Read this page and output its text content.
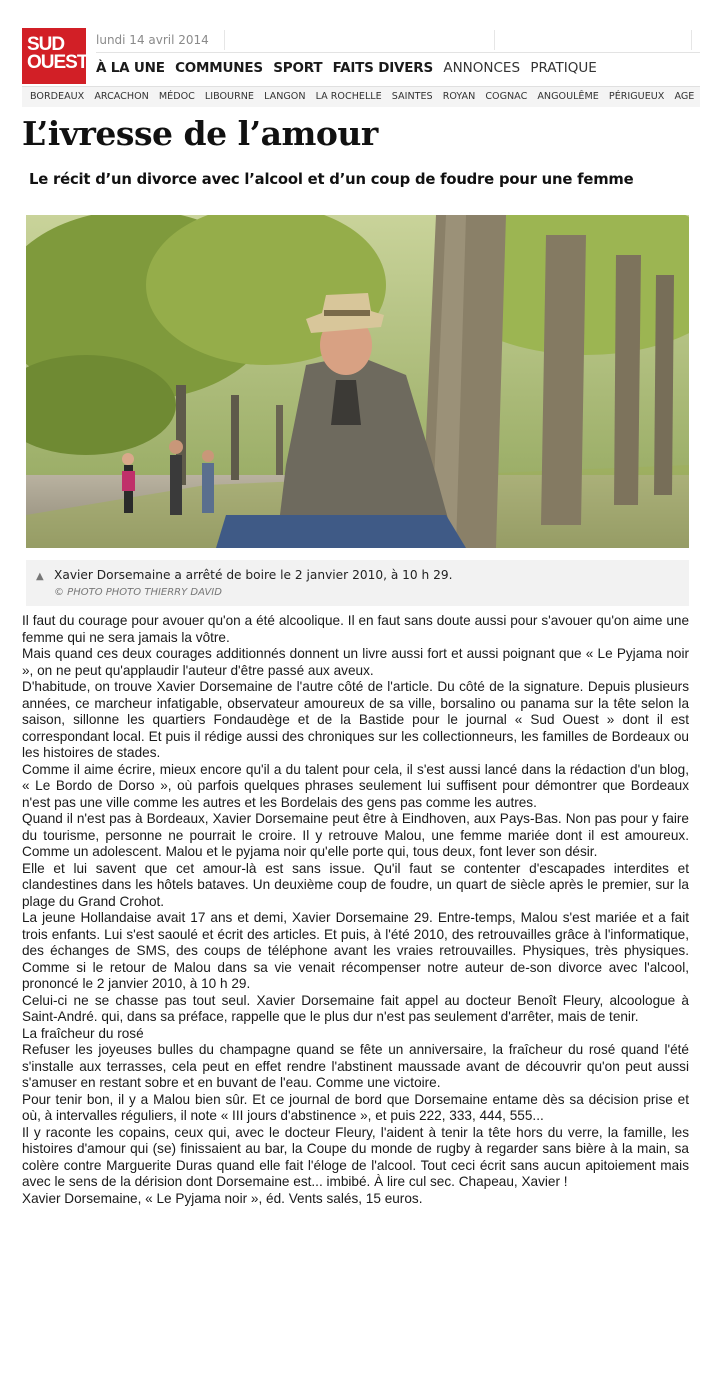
SUD
OUEST
lundi 14 avril 2014
À LA UNE COMMUNES SPORT FAITS DIVERS ANNONCES PRATIQUE
BORDEAUX ARCACHON MÉDOC LIBOURNE LANGON LA ROCHELLE SAINTES ROYAN COGNAC ANGOULÊME PÉRIGUEUX AGE
L’ivresse de l’amour
Le récit d’un divorce avec l’alcool et d’un coup de foudre pour une femme
▲ Xavier Dorsemaine a arrêté de boire le 2 janvier 2010, à 10 h 29.
© PHOTO PHOTO THIERRY DAVID

Il faut du courage pour avouer qu'on a été alcoolique. Il en faut sans doute aussi pour s'avouer qu'on aime une femme qui ne sera jamais la vôtre.

Mais quand ces deux courages additionnés donnent un livre aussi fort et aussi poignant que « Le Pyjama noir », on ne peut qu'applaudir l'auteur d'être passé aux aveux.

D'habitude, on trouve Xavier Dorsemaine de l'autre côté de l'article. Du côté de la signature. Depuis plusieurs années, ce marcheur infatigable, observateur amoureux de sa ville, borsalino ou panama sur la tête selon la saison, sillonne les quartiers Fondaudège et de la Bastide pour le journal « Sud Ouest » dont il est correspondant local. Et puis il rédige aussi des chroniques sur les collectionneurs, les familles de Bordeaux ou les histoires de stades.

Comme il aime écrire, mieux encore qu'il a du talent pour cela, il s'est aussi lancé dans la rédaction d'un blog, « Le Bordo de Dorso », où parfois quelques phrases seulement lui suffisent pour démontrer que Bordeaux n'est pas une ville comme les autres et les Bordelais des gens pas comme les autres.

Quand il n'est pas à Bordeaux, Xavier Dorsemaine peut être à Eindhoven, aux Pays-Bas. Non pas pour y faire du tourisme, personne ne pourrait le croire. Il y retrouve Malou, une femme mariée dont il est amoureux. Comme un adolescent. Malou et le pyjama noir qu'elle porte qui, tous deux, font lever son désir.

Elle et lui savent que cet amour-là est sans issue. Qu'il faut se contenter d'escapades interdites et clandestines dans les hôtels bataves. Un deuxième coup de foudre, un quart de siècle après le premier, sur la plage du Grand Crohot.

La jeune Hollandaise avait 17 ans et demi, Xavier Dorsemaine 29. Entre-temps, Malou s'est mariée et a fait trois enfants. Lui s'est saoulé et écrit des articles. Et puis, à l'été 2010, des retrouvailles grâce à l'informatique, des échanges de SMS, des coups de téléphone avant les vraies retrouvailles. Physiques, très physiques. Comme si le retour de Malou dans sa vie venait récompenser notre auteur de-son divorce avec l'alcool, prononcé le 2 janvier 2010, à 10 h 29.

Celui-ci ne se chasse pas tout seul. Xavier Dorsemaine fait appel au docteur Benoît Fleury, alcoologue à Saint-André. qui, dans sa préface, rappelle que le plus dur n'est pas seulement d'arrêter, mais de tenir.

La fraîcheur du rosé

Refuser les joyeuses bulles du champagne quand se fête un anniversaire, la fraîcheur du rosé quand l'été s'installe aux terrasses, cela peut en effet rendre l'abstinent maussade avant de découvrir qu'on peut aussi s'amuser en restant sobre et en buvant de l'eau. Comme une victoire.

Pour tenir bon, il y a Malou bien sûr. Et ce journal de bord que Dorsemaine entame dès sa décision prise et où, à intervalles réguliers, il note « III jours d'abstinence », et puis 222, 333, 444, 555...

Il y raconte les copains, ceux qui, avec le docteur Fleury, l'aident à tenir la tête hors du verre, la famille, les histoires d'amour qui (se) finissaient au bar, la Coupe du monde de rugby à regarder sans bière à la main, sa colère contre Marguerite Duras quand elle fait l'éloge de l'alcool. Tout ceci écrit sans aucun apitoiement mais avec le sens de la dérision dont Dorsemaine est... imbibé. À lire cul sec. Chapeau, Xavier !

Xavier Dorsemaine, « Le Pyjama noir », éd. Vents salés, 15 euros.
